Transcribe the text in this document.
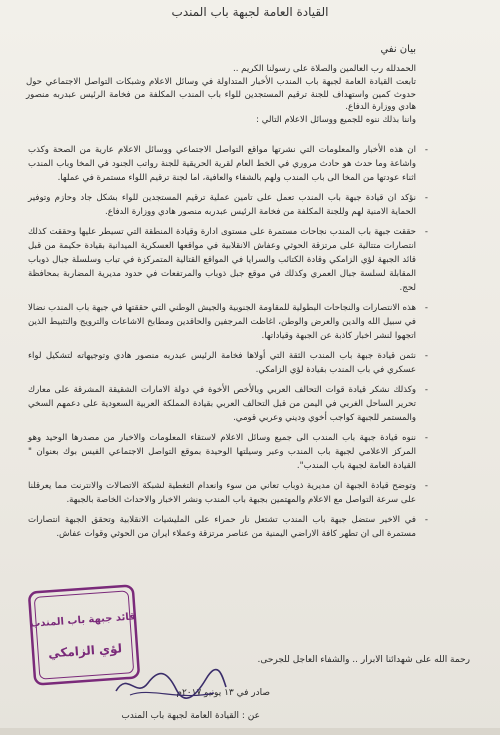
القيادة العامة لجبهة باب المندب
بيان نفي

الحمدلله رب العالمين والصلاة على رسولنا الكريم ..

تابعت القيادة العامة لجبهة باب المندب الأخبار المتداولة في وسائل الاعلام وشبكات التواصل الاجتماعي حول حدوث كمين واستهداف للجنة ترقيم المستجدين للواء باب المندب المكلفة من فخامة الرئيس عبدربه منصور هادي ووزارة الدفاع.

واننا بذلك ننوه للجميع ووسائل الاعلام التالي :

- ان هذه الأخبار والمعلومات التي نشرتها مواقع التواصل الاجتماعي ووسائل الاعلام عارية من الصحة وكذب واشاعة وما حدث هو حادث مروري في الخط العام لقرية الحريقية للجنة رواتب الجنود في المخا وباب المندب اثناء عودتها من المخا الى باب المندب ولهم بالشفاء والعافية، اما لجنة ترقيم اللواء مستمرة في عملها.
- نؤكد ان قيادة جبهة باب المندب تعمل على تامين عملية ترقيم المستجدين للواء بشكل جاد وحازم وتوفير الحماية الامنية لهم وللجنة المكلفة من فخامة الرئيس عبدربه منصور هادي ووزارة الدفاع.
- حققت جبهة باب المندب نجاحات مستمرة على مستوى ادارة وقيادة المنطقة التي تسيطر عليها وحققت كذلك انتصارات متتالية على مرتزقة الحوثي وعفاش الانقلابية في مواقعها العسكرية الميدانية بقيادة حكيمة من قبل قائد الجبهة لؤي الزامكي وقادة الكتائب والسرايا في المواقع القتالية المتمركزة في تباب وسلسلة جبال ذوباب المقابلة لسلسة جبال العمري وكذلك في موقع جبل ذوباب والمرتفعات في حدود مديرية المضاربة بمحافظة لحج.
- هذه الانتصارات والنجاحات البطولية للمقاومة الجنوبية والجيش الوطني التي حققتها في جبهة باب المندب نضالا في سبيل الله والدين والعرض والوطن، اغاظت المرجفين والحاقدين ومطابخ الاشاعات والترويج والتثبيط الذين اتجهوا لنشر اخبار كاذبة عن الجبهة وقياداتها.
- نثمن قيادة جبهة باب المندب الثقة التي أولاها فخامة الرئيس عبدربه منصور هادي وتوجيهاته لتشكيل لواء عسكري في باب المندب بقيادة لؤي الزامكي.
- وكذلك نشكر قيادة قوات التحالف العربي وبالأخص الأخوة في دولة الامارات الشقيقة المشرقة على معارك تحرير الساحل الغربي في اليمن من قبل التحالف العربي بقيادة المملكة العربية السعودية على دعمهم السخي والمستمر للجبهة كواجب أخوي وديني وعربي قومي.
- ننوه قيادة جبهة باب المندب الى جميع وسائل الاعلام لاستقاء المعلومات والاخبار من مصدرها الوحيد وهو المركز الاعلامي لجبهة باب المندب وعبر وسيلتها الوحيدة بموقع التواصل الاجتماعي الفيس بوك بعنوان " القيادة العامة لجبهة باب المندب".
- وتوضح قيادة الجبهة ان مديرية ذوباب تعاني من سوء وانعدام التغطية لشبكة الاتصالات والانترنت مما يعرقلنا على سرعة التواصل مع الاعلام والمهتمين بجبهة باب المندب ونشر الاخبار والاحداث الخاصة بالجبهة.
- في الاخير ستضل جبهة باب المندب تشتعل نار حمراء على المليشيات الانقلابية وتحقق الجبهة انتصارات مستمرة الى ان تطهر كافة الاراضي اليمنية من عناصر مرتزقة وعملاء ايران من الحوثي وقوات عفاش.
رحمة الله على شهدائنا الابرار .. والشفاء العاجل للجرحى.
صادر في ١٣ يونيو ٢٠١٧م
عن : القيادة العامة لجبهة باب المندب
قائد جبهة باب المندب
لؤي الزامكي
